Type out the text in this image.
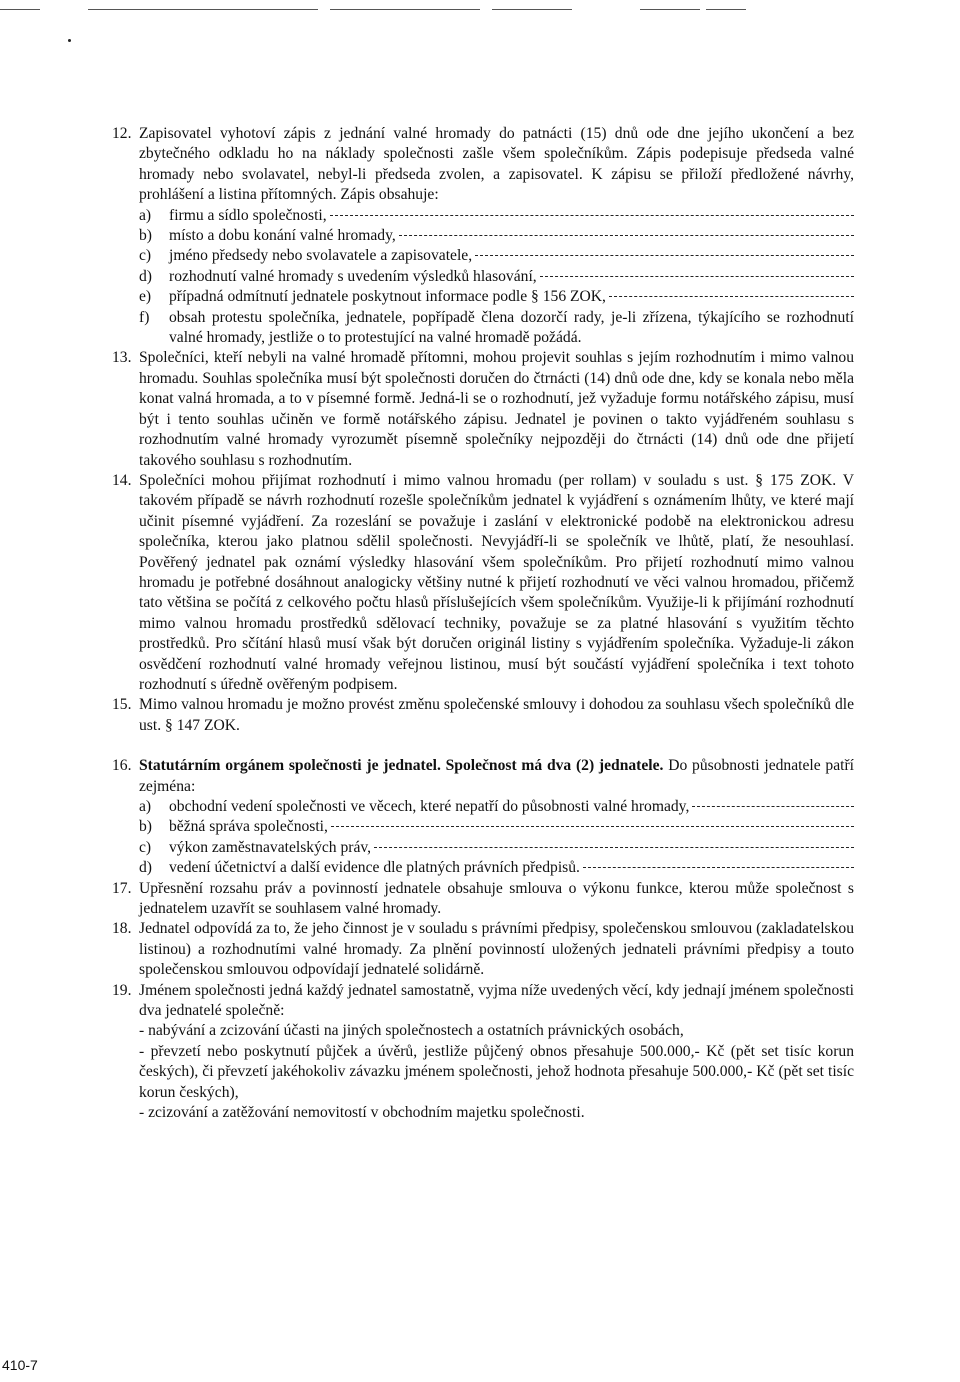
12. Zapisovatel vyhotoví zápis z jednání valné hromady do patnácti (15) dnů ode dne jejího ukončení a bez zbytečného odkladu ho na náklady společnosti zašle všem společníkům. Zápis podepisuje předseda valné hromady nebo svolavatel, nebyl-li předseda zvolen, a zapisovatel. K zápisu se přiloží předložené návrhy, prohlášení a listina přítomných. Zápis obsahuje:

a) firmu a sídlo společnosti,
b) místo a dobu konání valné hromady,
c) jméno předsedy nebo svolavatele a zapisovatele,
d) rozhodnutí valné hromady s uvedením výsledků hlasování,
e) případná odmítnutí jednatele poskytnout informace podle § 156 ZOK,
f) obsah protestu společníka, jednatele, popřípadě člena dozorčí rady, je-li zřízena, týkajícího se rozhodnutí valné hromady, jestliže o to protestující na valné hromadě požádá.

13. Společníci, kteří nebyli na valné hromadě přítomni, mohou projevit souhlas s jejím rozhodnutím i mimo valnou hromadu. Souhlas společníka musí být společnosti doručen do čtrnácti (14) dnů ode dne, kdy se konala nebo měla konat valná hromada, a to v písemné formě. Jedná-li se o rozhodnutí, jež vyžaduje formu notářského zápisu, musí být i tento souhlas učiněn ve formě notářského zápisu. Jednatel je povinen o takto vyjádřeném souhlasu s rozhodnutím valné hromady vyrozumět písemně společníky nejpozději do čtrnácti (14) dnů ode dne přijetí takového souhlasu s rozhodnutím.

14. Společníci mohou přijímat rozhodnutí i mimo valnou hromadu (per rollam) v souladu s ust. § 175 ZOK. V takovém případě se návrh rozhodnutí rozešle společníkům jednatel k vyjádření s oznámením lhůty, ve které mají učinit písemné vyjádření. Za rozeslání se považuje i zaslání v elektronické podobě na elektronickou adresu společníka, kterou jako platnou sdělil společnosti. Nevyjádří-li se společník ve lhůtě, platí, že nesouhlasí. Pověřený jednatel pak oznámí výsledky hlasování všem společníkům. Pro přijetí rozhodnutí mimo valnou hromadu je potřebné dosáhnout analogicky většiny nutné k přijetí rozhodnutí ve věci valnou hromadou, přičemž tato většina se počítá z celkového počtu hlasů příslušejících všem společníkům. Využije-li k přijímání rozhodnutí mimo valnou hromadu prostředků sdělovací techniky, považuje se za platné hlasování s využitím těchto prostředků. Pro sčítání hlasů musí však být doručen originál listiny s vyjádřením společníka. Vyžaduje-li zákon osvědčení rozhodnutí valné hromady veřejnou listinou, musí být součástí vyjádření společníka i text tohoto rozhodnutí s úředně ověřeným podpisem.

15. Mimo valnou hromadu je možno provést změnu společenské smlouvy i dohodou za souhlasu všech společníků dle ust. § 147 ZOK.

16. Statutárním orgánem společnosti je jednatel. Společnost má dva (2) jednatele. Do působnosti jednatele patří zejména:

a) obchodní vedení společnosti ve věcech, které nepatří do působnosti valné hromady,
b) běžná správa společnosti,
c) výkon zaměstnavatelských práv,
d) vedení účetnictví a další evidence dle platných právních předpisů.
17. Upřesnění rozsahu práv a povinností jednatele obsahuje smlouva o výkonu funkce, kterou může společnost s jednatelem uzavřít se souhlasem valné hromady.

18. Jednatel odpovídá za to, že jeho činnost je v souladu s právními předpisy, společenskou smlouvou (zakladatelskou listinou) a rozhodnutími valné hromady. Za plnění povinností uložených jednateli právními předpisy a touto společenskou smlouvou odpovídají jednatelé solidárně.

19. Jménem společnosti jedná každý jednatel samostatně, vyjma níže uvedených věcí, kdy jednají jménem společnosti dva jednatelé společně:

- nabývání a zcizování účasti na jiných společnostech a ostatních právnických osobách,

- převzetí nebo poskytnutí půjček a úvěrů, jestliže půjčený obnos přesahuje 500.000,- Kč (pět set tisíc korun českých), či převzetí jakéhokoliv závazku jménem společnosti, jehož hodnota přesahuje 500.000,- Kč (pět set tisíc korun českých),

- zcizování a zatěžování nemovitostí v obchodním majetku společnosti.

410-7
